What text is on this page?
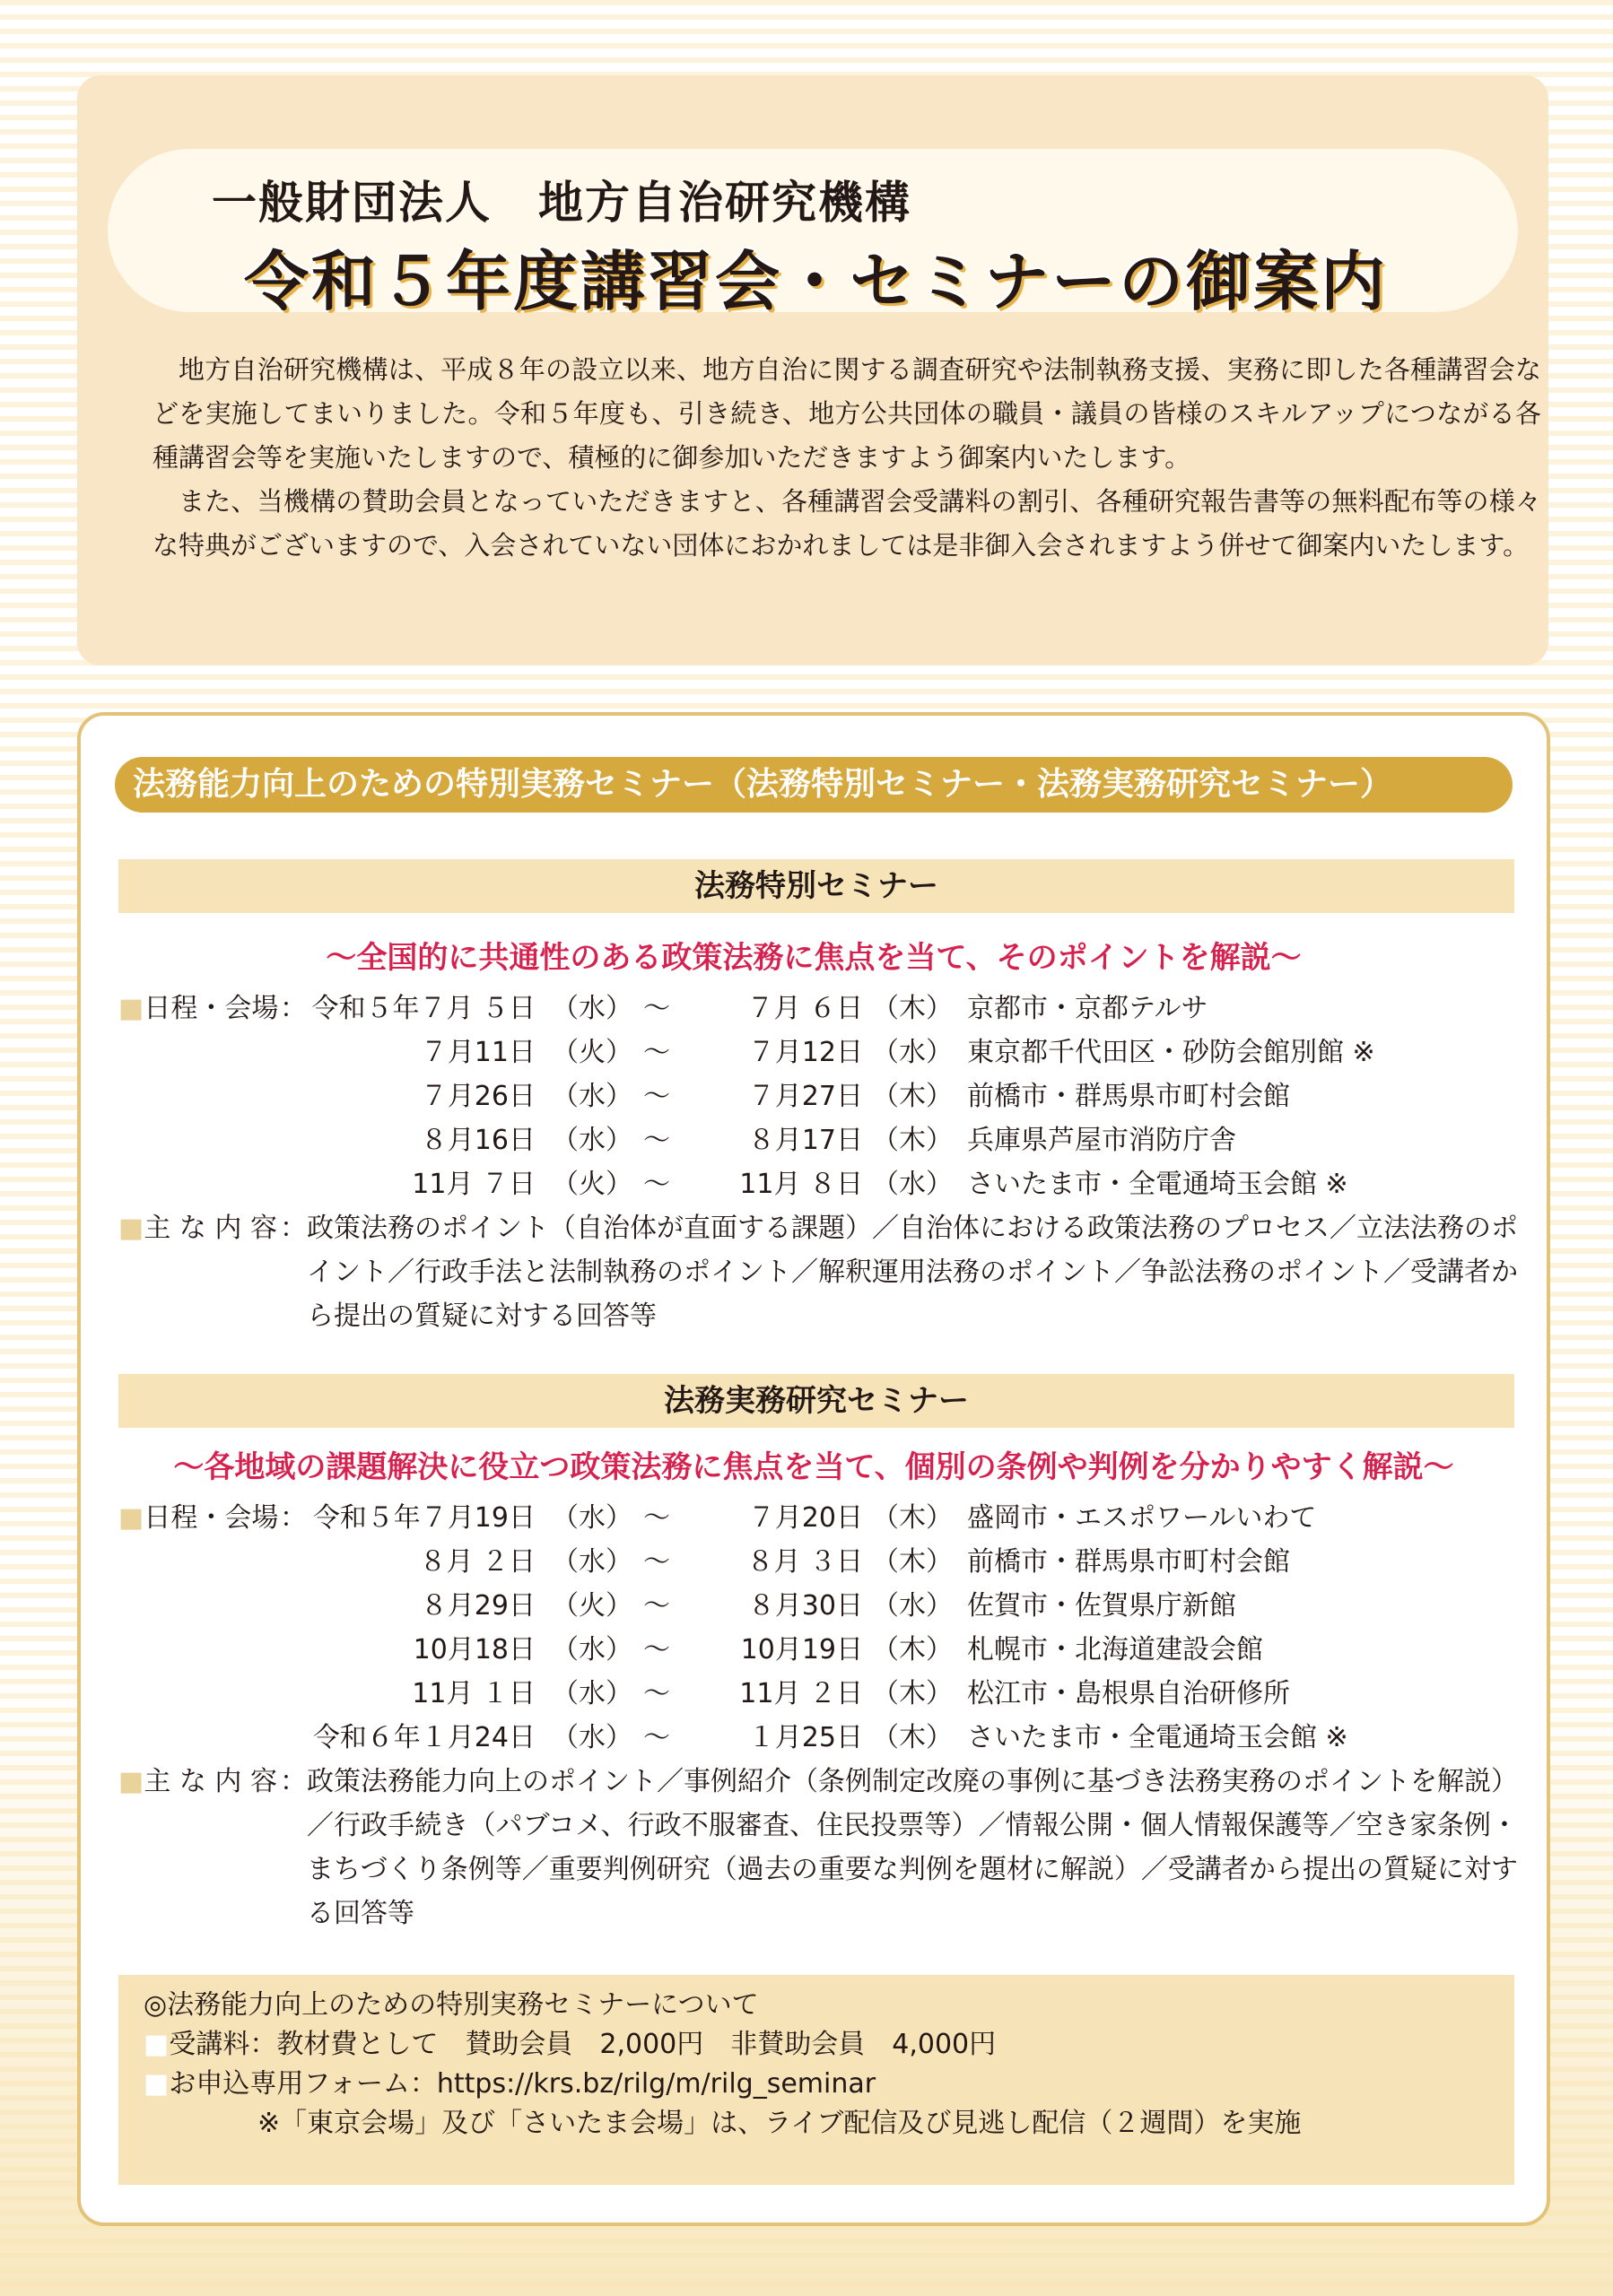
一般財団法人　地方自治研究機構
令和５年度講習会・セミナーの御案内

地方自治研究機構は、平成８年の設立以来、地方自治に関する調査研究や法制執務支援、実務に即した各種講習会などを実施してまいりました。令和５年度も、引き続き、地方公共団体の職員・議員の皆様のスキルアップにつながる各種講習会等を実施いたしますので、積極的に御参加いただきますよう御案内いたします。

また、当機構の賛助会員となっていただきますと、各種講習会受講料の割引、各種研究報告書等の無料配布等の様々な特典がございますので、入会されていない団体におかれましては是非御入会されますよう併せて御案内いたします。

法務能力向上のための特別実務セミナー（法務特別セミナー・法務実務研究セミナー）
法務特別セミナー
〜全国的に共通性のある政策法務に焦点を当て、そのポイントを解説〜
■日程・会場 ： 令和５年７月 ５日 （水） 〜	７月 ６日 （木） 京都市・京都テルサ
７月11日 （火） 〜	７月12日 （水） 東京都千代田区・砂防会館別館 ※
７月26日 （水） 〜	７月27日 （木） 前橋市・群馬県市町村会館
８月16日 （水） 〜	８月17日 （木） 兵庫県芦屋市消防庁舎
11月 ７日 （火） 〜	11月 ８日 （水） さいたま市・全電通埼玉会館 ※
■主 な 内 容 ： 政策法務のポイント（自治体が直面する課題）／自治体における政策法務のプロセス／立法法務のポイント／行政手法と法制執務のポイント／解釈運用法務のポイント／争訟法務のポイント／受講者から提出の質疑に対する回答等
法務実務研究セミナー
〜各地域の課題解決に役立つ政策法務に焦点を当て、個別の条例や判例を分かりやすく解説〜
■日程・会場 ： 令和５年７月19日 （水） 〜	７月20日 （木） 盛岡市・エスポワールいわて
８月 ２日 （水） 〜	８月 ３日 （木） 前橋市・群馬県市町村会館
８月29日 （火） 〜	８月30日 （水） 佐賀市・佐賀県庁新館
10月18日 （水） 〜	10月19日 （木） 札幌市・北海道建設会館
11月 １日 （水） 〜	11月 ２日 （木） 松江市・島根県自治研修所
令和６年１月24日 （水） 〜	１月25日 （木） さいたま市・全電通埼玉会館 ※
■主 な 内 容 ： 政策法務能力向上のポイント／事例紹介（条例制定改廃の事例に基づき法務実務のポイントを解説）／行政手続き（パブコメ、行政不服審査、住民投票等）／情報公開・個人情報保護等／空き家条例・まちづくり条例等／重要判例研究（過去の重要な判例を題材に解説）／受講者から提出の質疑に対する回答等
◎法務能力向上のための特別実務セミナーについて
■受講料：教材費として　賛助会員　2,000円　非賛助会員　4,000円
■お申込専用フォーム：https://krs.bz/rilg/m/rilg_seminar
※「東京会場」及び「さいたま会場」は、ライブ配信及び見逃し配信（２週間）を実施
